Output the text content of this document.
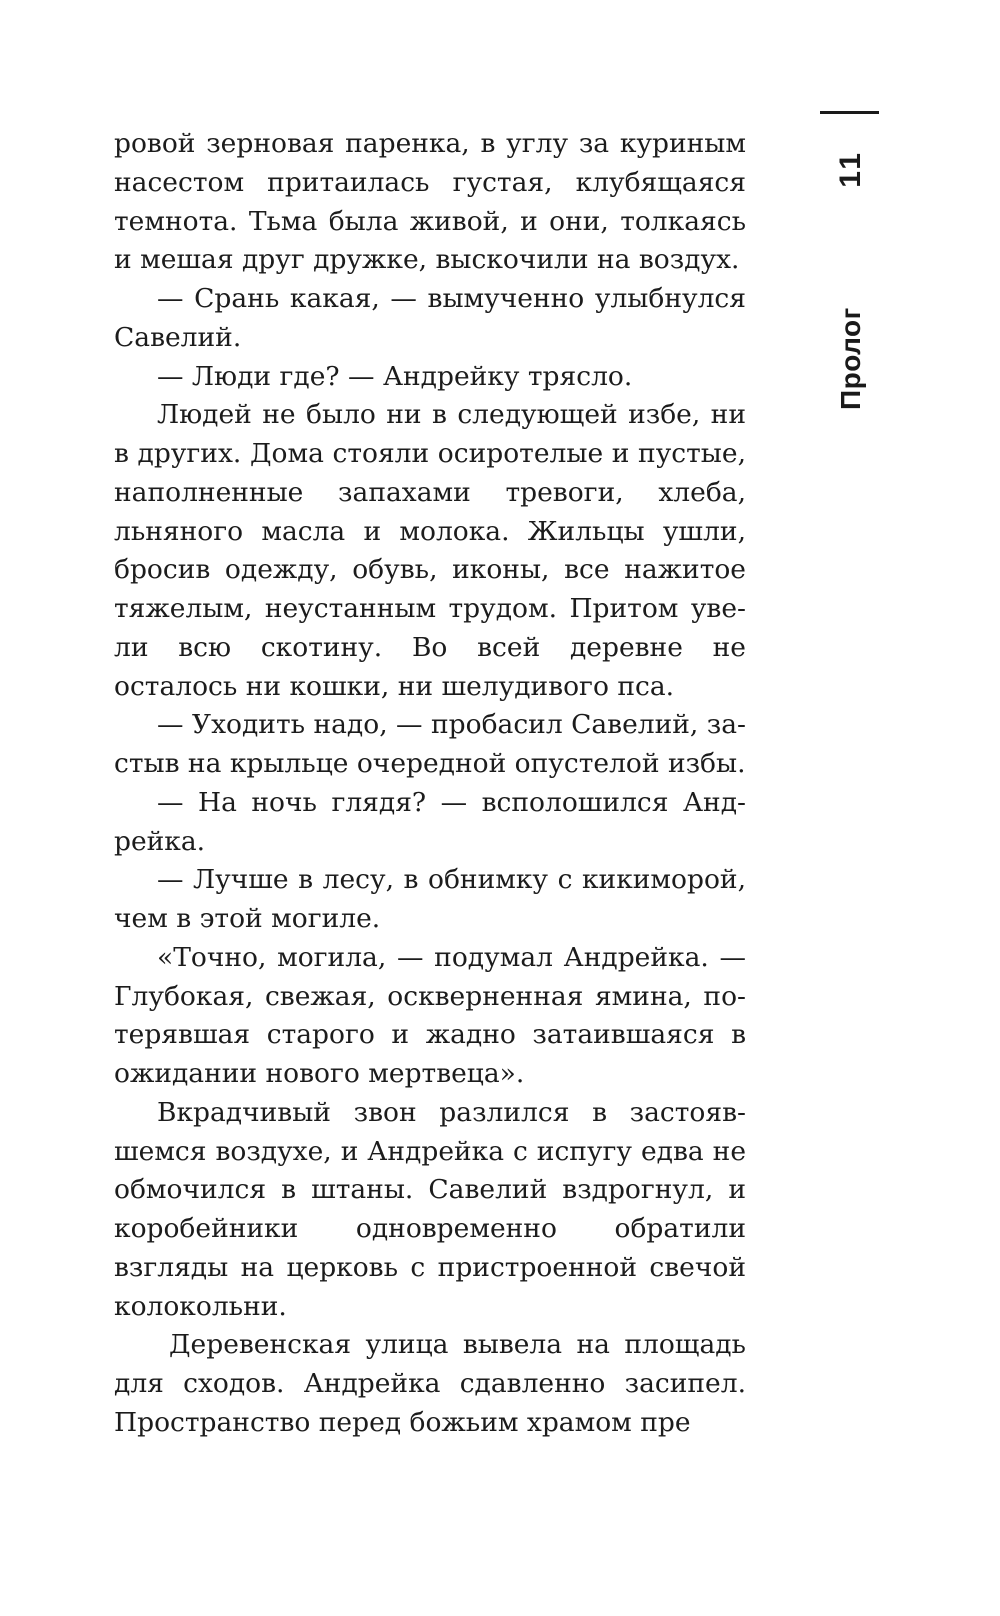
Пролог
11

ровой зерновая паренка, в углу за куриным насестом притаилась густая, клубящаяся темнота. Тьма была живой, и они, толкаясь и мешая друг дружке, выскочили на воздух.

— Срань какая, — вымученно улыбнулся Савелий.

— Люди где? — Андрейку трясло.

Людей не было ни в следующей избе, ни в других. Дома стояли осиротелые и пустые, наполненные запахами тревоги, хлеба, льняного масла и молока. Жильцы ушли, бросив одежду, обувь, иконы, все нажитое тяжелым, неустанным трудом. Притом увели всю скотину. Во всей деревне не осталось ни кошки, ни шелудивого пса.

— Уходить надо, — пробасил Савелий, застыв на крыльце очередной опустелой избы.

— На ночь глядя? — всполошился Андрейка.

— Лучше в лесу, в обнимку с кикиморой, чем в этой могиле.

«Точно, могила, — подумал Андрейка. — Глубокая, свежая, оскверненная ямина, потерявшая старого и жадно затаившаяся в ожидании нового мертвеца».

Вкрадчивый звон разлился в застоявшемся воздухе, и Андрейка с испугу едва не обмочился в штаны. Савелий вздрогнул, и коробейники одновременно обратили взгляды на церковь с пристроенной свечой колокольни.

Деревенская улица вывела на площадь для сходов. Андрейка сдавленно засипел. Пространство перед божьим храмом пре
